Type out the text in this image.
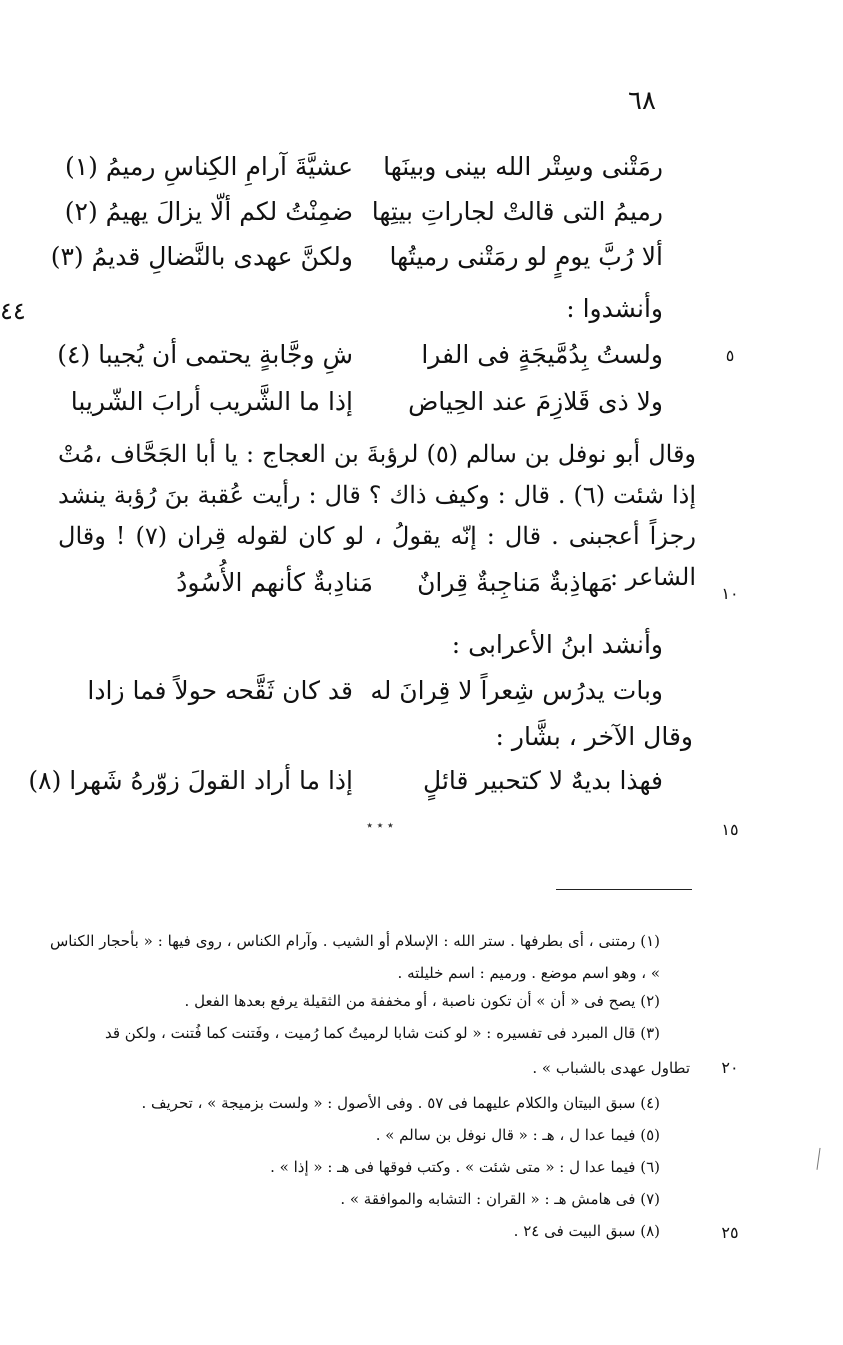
٦٨
٤٤
رمَتْنى وسِتْر الله بينى وبينَها
عشيَّةَ آرامِ الكِناسِ رميمُ (١)
رميمُ التى قالتْ لجاراتِ بيتِها
ضمِنْتُ لكم ألّا يزالَ يهيمُ (٢)
ألا رُبَّ يومٍ لو رمَتْنى رميتُها
ولكنَّ عهدى بالنَّضالِ قديمُ (٣)
وأنشدوا :
٥
ولستُ بِدُمَّيجَةٍ فى الفرا
شِ وجَّابةٍ يحتمى أن يُجيبا (٤)
ولا ذى قَلازِمَ عند الحِياض
إذا ما الشَّريب أرابَ الشّريبا
وقال أبو نوفل بن سالم (٥) لرؤبةَ بن العجاج : يا أبا الجَحَّاف ،مُتْ إذا شئت (٦) . قال : وكيف ذاك ؟ قال : رأيت عُقبة بنَ رُؤبة ينشد رجزاً أعجبنى . قال : إنّه يقولُ ، لو كان لقوله قِران (٧) ! وقال الشاعر :
١٠
مَهاذِبةٌ مَناجِبةٌ قِرانٌ
مَنادِبةٌ كأنهم الأُسُودُ
وأنشد ابنُ الأعرابى :
وبات يدرُس شِعراً لا قِرانَ له
قد كان ثَقَّحه حولاً فما زادا
وقال الآخر ، بشَّار :
فهذا بديهٌ لا كتحبير قائلٍ
إذا ما أراد القولَ زوّرهُ شَهرا (٨)
١٥
٭ ٭ ٭
(١) رمتنى ، أى بطرفها . ستر الله : الإسلام أو الشيب . وآرام الكناس ، روى فيها : « بأحجار الكناس » ، وهو اسم موضع . ورميم : اسم خليلته .
(٢) يصح فى « أن » أن تكون ناصبة ، أو مخففة من الثقيلة يرفع بعدها الفعل .
(٣) قال المبرد فى تفسيره : « لو كنت شابا لرميتُ كما رُميت ، وفَتنت كما فُتنت ، ولكن قد
٢٠
تطاول عهدى بالشباب » .
(٤) سبق البيتان والكلام عليهما فى ٥٧ . وفى الأصول : « ولست بزميجة » ، تحريف .
(٥) فيما عدا ل ، هـ : « قال نوفل بن سالم » .
(٦) فيما عدا ل : « متى شئت » . وكتب فوقها فى هـ : « إذا » .
(٧) فى هامش هـ : « القران : التشابه والموافقة » .
٢٥
(٨) سبق البيت فى ٢٤ .
